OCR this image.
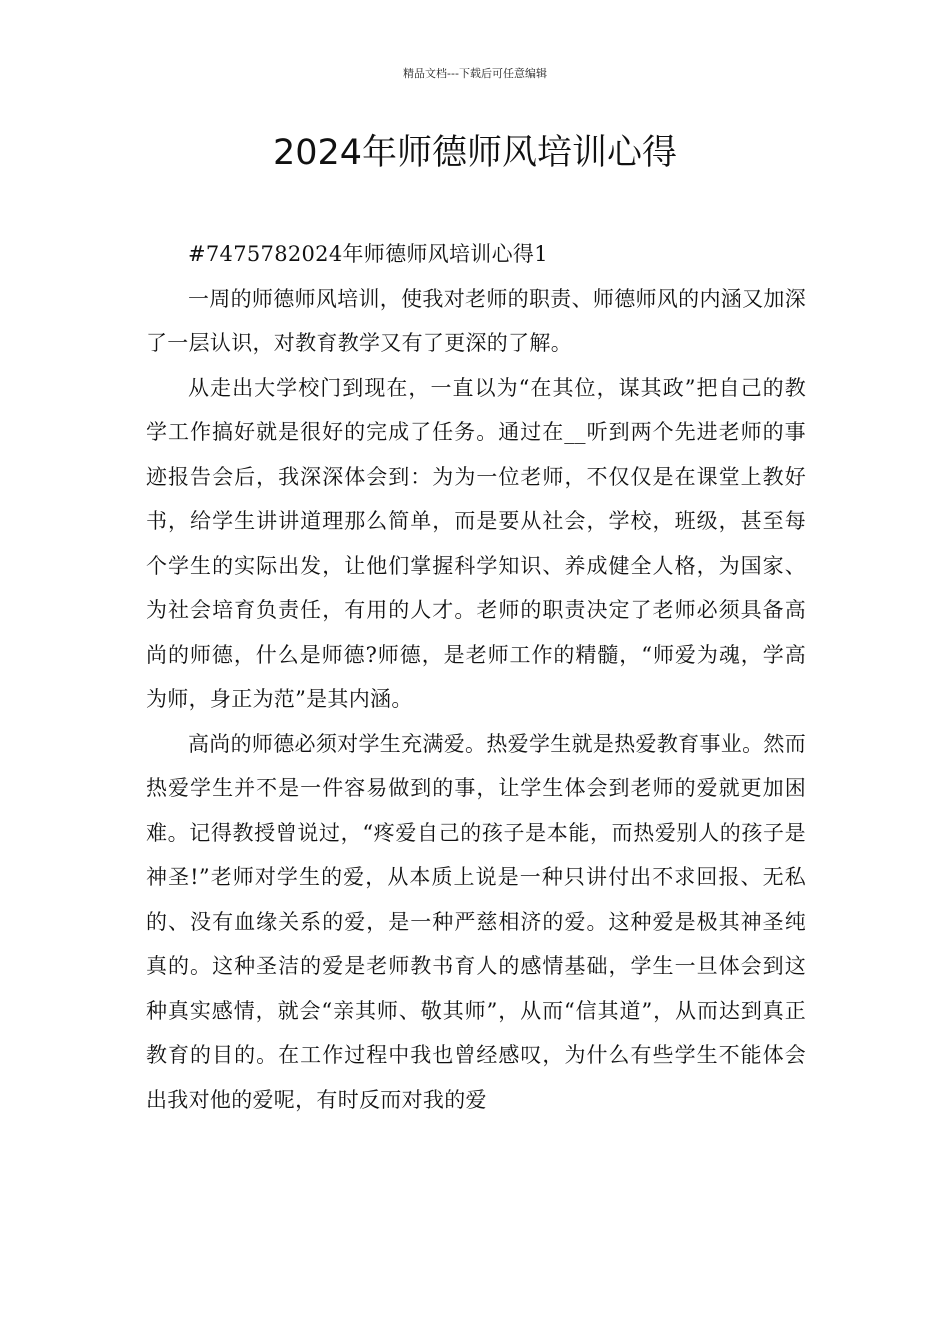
精品文档---下载后可任意编辑
2024年师德师风培训心得

#7475782024年师德师风培训心得1

一周的师德师风培训，使我对老师的职责、师德师风的内涵又加深了一层认识，对教育教学又有了更深的了解。

从走出大学校门到现在，一直以为“在其位，谋其政”把自己的教学工作搞好就是很好的完成了任务。通过在__听到两个先进老师的事迹报告会后，我深深体会到：为为一位老师，不仅仅是在课堂上教好书，给学生讲讲道理那么简单，而是要从社会，学校，班级，甚至每个学生的实际出发，让他们掌握科学知识、养成健全人格，为国家、为社会培育负责任，有用的人才。老师的职责决定了老师必须具备高尚的师德，什么是师德?师德，是老师工作的精髓，“师爱为魂，学高为师，身正为范”是其内涵。

高尚的师德必须对学生充满爱。热爱学生就是热爱教育事业。然而热爱学生并不是一件容易做到的事，让学生体会到老师的爱就更加困难。记得教授曾说过，“疼爱自己的孩子是本能，而热爱别人的孩子是神圣!”老师对学生的爱，从本质上说是一种只讲付出不求回报、无私的、没有血缘关系的爱，是一种严慈相济的爱。这种爱是极其神圣纯真的。这种圣洁的爱是老师教书育人的感情基础，学生一旦体会到这种真实感情，就会“亲其师、敬其师”，从而“信其道”，从而达到真正教育的目的。在工作过程中我也曾经感叹，为什么有些学生不能体会出我对他的爱呢，有时反而对我的爱
